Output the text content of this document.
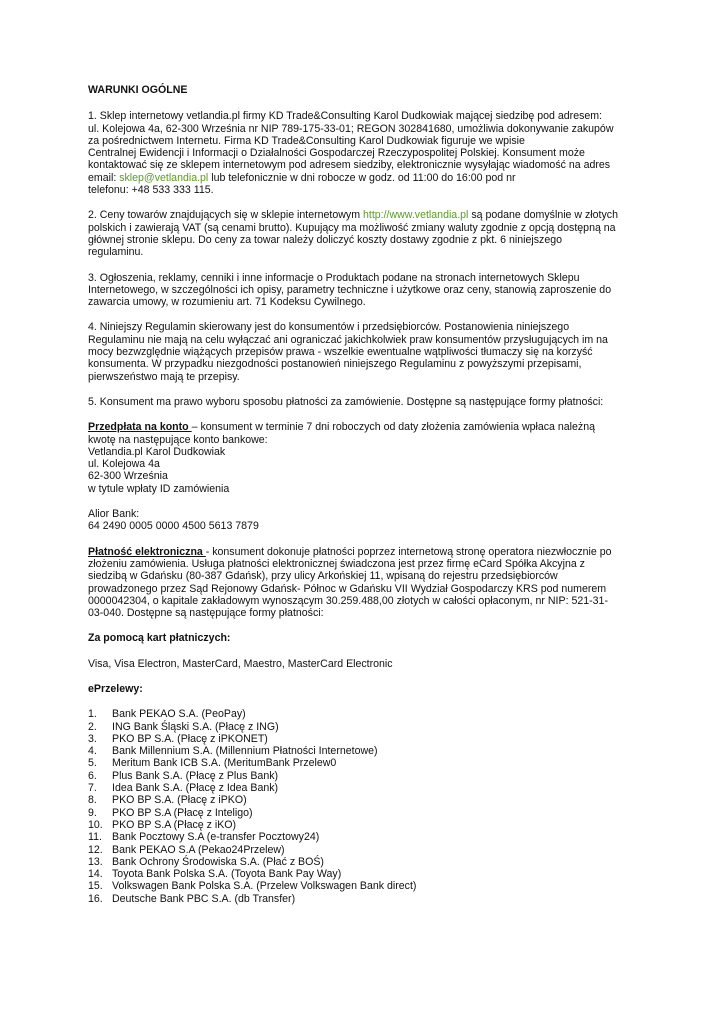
WARUNKI OGÓLNE

1. Sklep internetowy vetlandia.pl firmy KD Trade&Consulting Karol Dudkowiak mającej siedzibę pod adresem:

ul. Kolejowa 4a, 62-300 Września nr NIP 789-175-33-01; REGON 302841680, umożliwia dokonywanie zakupów

za pośrednictwem Internetu. Firma KD Trade&Consulting Karol Dudkowiak figuruje we wpisie

Centralnej Ewidencji i Informacji o Działalności Gospodarczej Rzeczypospolitej Polskiej. Konsument może

kontaktować się ze sklepem internetowym pod adresem siedziby, elektronicznie wysyłając wiadomość na adres

email: sklep@vetlandia.pl lub telefonicznie w dni robocze w godz. od 11:00 do 16:00 pod nr

telefonu: +48 533 333 115.

2. Ceny towarów znajdujących się w sklepie internetowym http://www.vetlandia.pl są podane domyślnie w złotych

polskich i zawierają VAT (są cenami brutto). Kupujący ma możliwość zmiany waluty zgodnie z opcją dostępną na

głównej stronie sklepu. Do ceny za towar należy doliczyć koszty dostawy zgodnie z pkt. 6 niniejszego

regulaminu.

3. Ogłoszenia, reklamy, cenniki i inne informacje o Produktach podane na stronach internetowych Sklepu

Internetowego, w szczególności ich opisy, parametry techniczne i użytkowe oraz ceny, stanowią zaproszenie do

zawarcia umowy, w rozumieniu art. 71 Kodeksu Cywilnego.

4. Niniejszy Regulamin skierowany jest do konsumentów i przedsiębiorców. Postanowienia niniejszego

Regulaminu nie mają na celu wyłączać ani ograniczać jakichkolwiek praw konsumentów przysługujących im na

mocy bezwzględnie wiążących przepisów prawa - wszelkie ewentualne wątpliwości tłumaczy się na korzyść

konsumenta. W przypadku niezgodności postanowień niniejszego Regulaminu z powyższymi przepisami,

pierwszeństwo mają te przepisy.

5. Konsument ma prawo wyboru sposobu płatności za zamówienie. Dostępne są następujące formy płatności:

Przedpłata na konto – konsument w terminie 7 dni roboczych od daty złożenia zamówienia wpłaca należną

kwotę na następujące konto bankowe:

Vetlandia.pl Karol Dudkowiak

ul. Kolejowa 4a

62-300 Września

w tytule wpłaty ID zamówienia

Alior Bank:

64 2490 0005 0000 4500 5613 7879

Płatność elektroniczna - konsument dokonuje płatności poprzez internetową stronę operatora niezwłocznie po

złożeniu zamówienia. Usługa płatności elektronicznej świadczona jest przez firmę eCard Spółka Akcyjna z

siedzibą w Gdańsku (80-387 Gdańsk), przy ulicy Arkońskiej 11, wpisaną do rejestru przedsiębiorców

prowadzonego przez Sąd Rejonowy Gdańsk- Północ w Gdańsku VII Wydział Gospodarczy KRS pod numerem

0000042304, o kapitale zakładowym wynoszącym 30.259.488,00 złotych w całości opłaconym, nr NIP: 521-31-

03-040. Dostępne są następujące formy płatności:

Za pomocą kart płatniczych:

Visa, Visa Electron, MasterCard, Maestro, MasterCard Electronic

ePrzelewy:

1.	Bank PEKAO S.A. (PeoPay)
2.	ING Bank Śląski S.A. (Płacę z ING)
3.	PKO BP S.A. (Płacę z iPKONET)
4.	Bank Millennium S.A. (Millennium Płatności Internetowe)
5.	Meritum Bank ICB S.A. (MeritumBank Przelew0
6.	Plus Bank S.A. (Płacę z Plus Bank)
7.	Idea Bank S.A. (Płacę z Idea Bank)
8.	PKO BP S.A. (Płacę z iPKO)
9.	PKO BP S.A (Płacę z Inteligo)
10. PKO BP S.A (Płacę z iKO)
11. Bank Pocztowy S.A (e-transfer Pocztowy24)
12. Bank PEKAO S.A (Pekao24Przelew)
13. Bank Ochrony Środowiska S.A. (Płać z BOŚ)
14. Toyota Bank Polska S.A. (Toyota Bank Pay Way)
15. Volkswagen Bank Polska S.A. (Przelew Volkswagen Bank direct)
16. Deutsche Bank PBC S.A. (db Transfer)
